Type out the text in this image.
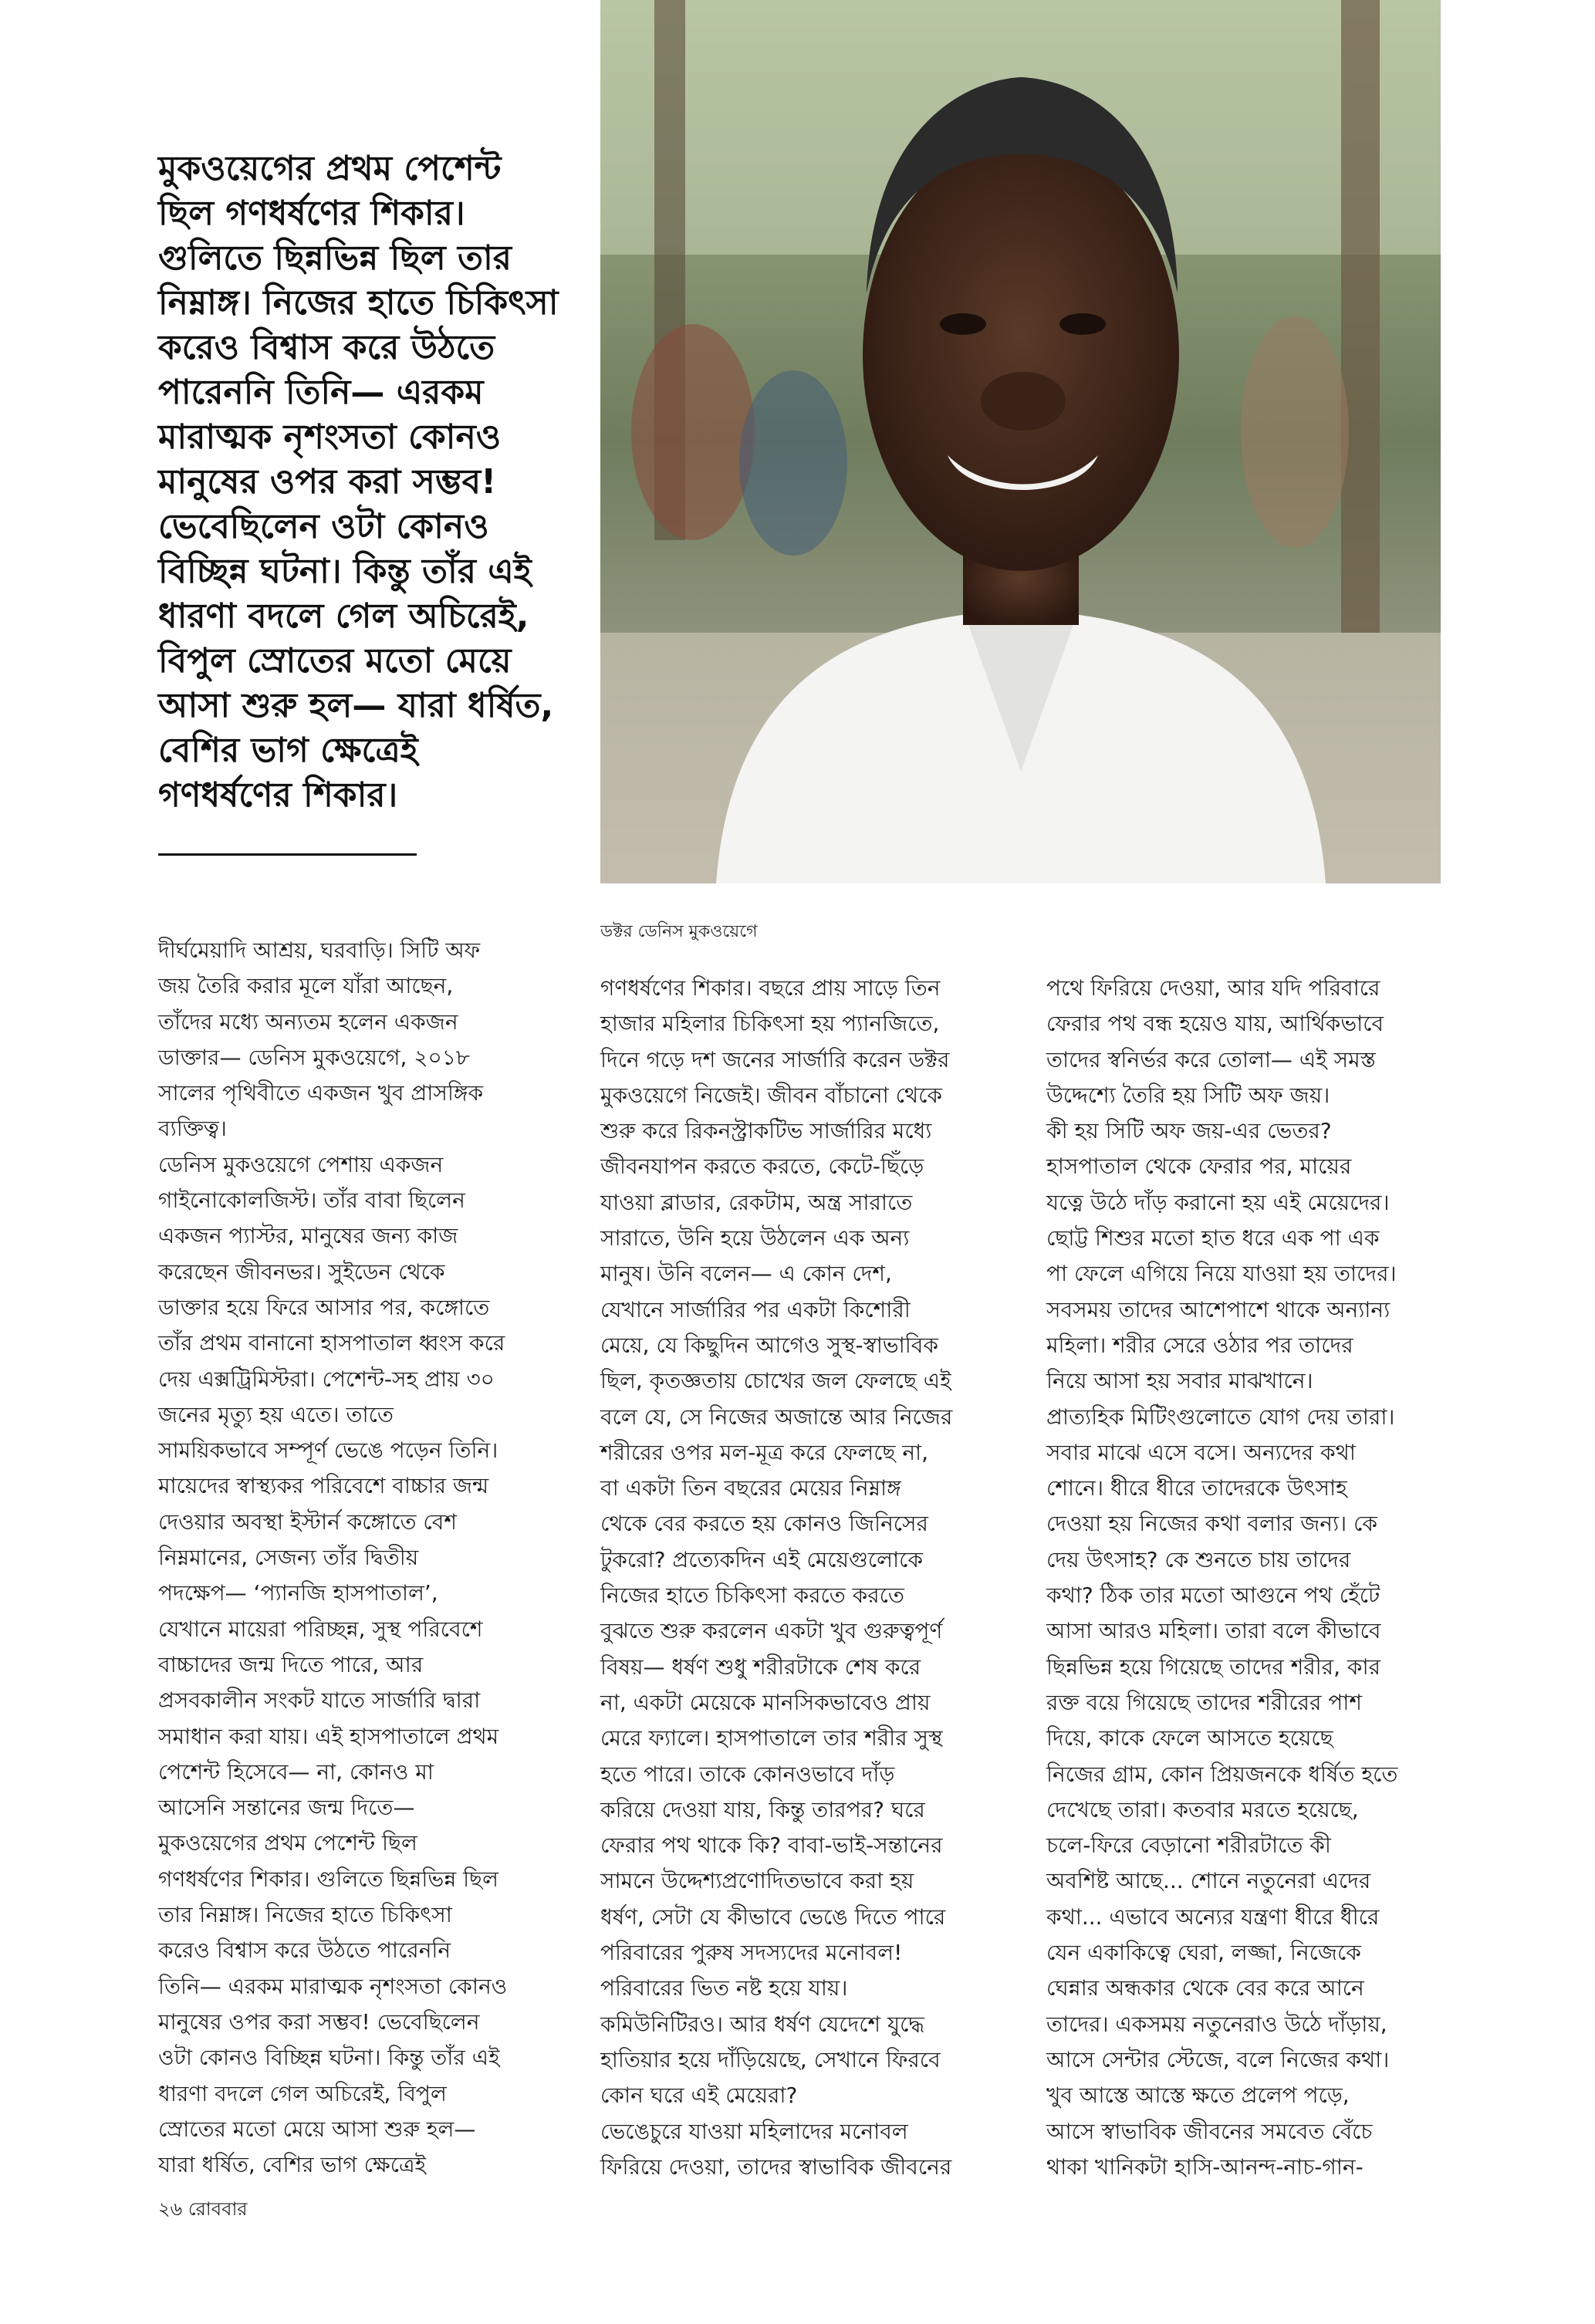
মুকওয়েগের প্রথম পেশেন্ট
ছিল গণধর্ষণের শিকার।
গুলিতে ছিন্নভিন্ন ছিল তার
নিম্নাঙ্গ। নিজের হাতে চিকিৎসা
করেও বিশ্বাস করে উঠতে
পারেননি তিনি— এরকম
মারাত্মক নৃশংসতা কোনও
মানুষের ওপর করা সম্ভব!
ভেবেছিলেন ওটা কোনও
বিচ্ছিন্ন ঘটনা। কিন্তু তাঁর এই
ধারণা বদলে গেল অচিরেই,
বিপুল স্রোতের মতো মেয়ে
আসা শুরু হল— যারা ধর্ষিত,
বেশির ভাগ ক্ষেত্রেই
গণধর্ষণের শিকার।
ডক্টর ডেনিস মুকওয়েগে
দীর্ঘমেয়াদি আশ্রয়, ঘরবাড়ি। সিটি অফ
জয় তৈরি করার মূলে যাঁরা আছেন,
তাঁদের মধ্যে অন্যতম হলেন একজন
ডাক্তার— ডেনিস মুকওয়েগে, ২০১৮
সালের পৃথিবীতে একজন খুব প্রাসঙ্গিক
ব্যক্তিত্ব।
ডেনিস মুকওয়েগে পেশায় একজন
গাইনোকোলজিস্ট। তাঁর বাবা ছিলেন
একজন প্যাস্টর, মানুষের জন্য কাজ
করেছেন জীবনভর। সুইডেন থেকে
ডাক্তার হয়ে ফিরে আসার পর, কঙ্গোতে
তাঁর প্রথম বানানো হাসপাতাল ধ্বংস করে
দেয় এক্সট্রিমিস্টরা। পেশেন্ট-সহ প্রায় ৩০
জনের মৃত্যু হয় এতে। তাতে
সাময়িকভাবে সম্পূর্ণ ভেঙে পড়েন তিনি।
মায়েদের স্বাস্থ্যকর পরিবেশে বাচ্চার জন্ম
দেওয়ার অবস্থা ইস্টার্ন কঙ্গোতে বেশ
নিম্নমানের, সেজন্য তাঁর দ্বিতীয়
পদক্ষেপ— ‘প্যানজি হাসপাতাল’,
যেখানে মায়েরা পরিচ্ছন্ন, সুস্থ পরিবেশে
বাচ্চাদের জন্ম দিতে পারে, আর
প্রসবকালীন সংকট যাতে সার্জারি দ্বারা
সমাধান করা যায়। এই হাসপাতালে প্রথম
পেশেন্ট হিসেবে— না, কোনও মা
আসেনি সন্তানের জন্ম দিতে—
মুকওয়েগের প্রথম পেশেন্ট ছিল
গণধর্ষণের শিকার। গুলিতে ছিন্নভিন্ন ছিল
তার নিম্নাঙ্গ। নিজের হাতে চিকিৎসা
করেও বিশ্বাস করে উঠতে পারেননি
তিনি— এরকম মারাত্মক নৃশংসতা কোনও
মানুষের ওপর করা সম্ভব! ভেবেছিলেন
ওটা কোনও বিচ্ছিন্ন ঘটনা। কিন্তু তাঁর এই
ধারণা বদলে গেল অচিরেই, বিপুল
স্রোতের মতো মেয়ে আসা শুরু হল—
যারা ধর্ষিত, বেশির ভাগ ক্ষেত্রেই
গণধর্ষণের শিকার। বছরে প্রায় সাড়ে তিন
হাজার মহিলার চিকিৎসা হয় প্যানজিতে,
দিনে গড়ে দশ জনের সার্জারি করেন ডক্টর
মুকওয়েগে নিজেই। জীবন বাঁচানো থেকে
শুরু করে রিকনস্ট্রাকটিভ সার্জারির মধ্যে
জীবনযাপন করতে করতে, কেটে-ছিঁড়ে
যাওয়া ব্লাডার, রেকটাম, অন্ত্র সারাতে
সারাতে, উনি হয়ে উঠলেন এক অন্য
মানুষ। উনি বলেন— এ কোন দেশ,
যেখানে সার্জারির পর একটা কিশোরী
মেয়ে, যে কিছুদিন আগেও সুস্থ-স্বাভাবিক
ছিল, কৃতজ্ঞতায় চোখের জল ফেলছে এই
বলে যে, সে নিজের অজান্তে আর নিজের
শরীরের ওপর মল-মূত্র করে ফেলছে না,
বা একটা তিন বছরের মেয়ের নিম্নাঙ্গ
থেকে বের করতে হয় কোনও জিনিসের
টুকরো? প্রত্যেকদিন এই মেয়েগুলোকে
নিজের হাতে চিকিৎসা করতে করতে
বুঝতে শুরু করলেন একটা খুব গুরুত্বপূর্ণ
বিষয়— ধর্ষণ শুধু শরীরটাকে শেষ করে
না, একটা মেয়েকে মানসিকভাবেও প্রায়
মেরে ফ্যালে। হাসপাতালে তার শরীর সুস্থ
হতে পারে। তাকে কোনওভাবে দাঁড়
করিয়ে দেওয়া যায়, কিন্তু তারপর? ঘরে
ফেরার পথ থাকে কি? বাবা-ভাই-সন্তানের
সামনে উদ্দেশ্যপ্রণোদিতভাবে করা হয়
ধর্ষণ, সেটা যে কীভাবে ভেঙে দিতে পারে
পরিবারের পুরুষ সদস্যদের মনোবল!
পরিবারের ভিত নষ্ট হয়ে যায়।
কমিউনিটিরও। আর ধর্ষণ যেদেশে যুদ্ধে
হাতিয়ার হয়ে দাঁড়িয়েছে, সেখানে ফিরবে
কোন ঘরে এই মেয়েরা?
ভেঙেচুরে যাওয়া মহিলাদের মনোবল
ফিরিয়ে দেওয়া, তাদের স্বাভাবিক জীবনের
পথে ফিরিয়ে দেওয়া, আর যদি পরিবারে
ফেরার পথ বন্ধ হয়েও যায়, আর্থিকভাবে
তাদের স্বনির্ভর করে তোলা— এই সমস্ত
উদ্দেশ্যে তৈরি হয় সিটি অফ জয়।
কী হয় সিটি অফ জয়-এর ভেতর?
হাসপাতাল থেকে ফেরার পর, মায়ের
যত্নে উঠে দাঁড় করানো হয় এই মেয়েদের।
ছোট্ট শিশুর মতো হাত ধরে এক পা এক
পা ফেলে এগিয়ে নিয়ে যাওয়া হয় তাদের।
সবসময় তাদের আশেপাশে থাকে অন্যান্য
মহিলা। শরীর সেরে ওঠার পর তাদের
নিয়ে আসা হয় সবার মাঝখানে।
প্রাত্যহিক মিটিংগুলোতে যোগ দেয় তারা।
সবার মাঝে এসে বসে। অন্যদের কথা
শোনে। ধীরে ধীরে তাদেরকে উৎসাহ
দেওয়া হয় নিজের কথা বলার জন্য। কে
দেয় উৎসাহ? কে শুনতে চায় তাদের
কথা? ঠিক তার মতো আগুনে পথ হেঁটে
আসা আরও মহিলা। তারা বলে কীভাবে
ছিন্নভিন্ন হয়ে গিয়েছে তাদের শরীর, কার
রক্ত বয়ে গিয়েছে তাদের শরীরের পাশ
দিয়ে, কাকে ফেলে আসতে হয়েছে
নিজের গ্রাম, কোন প্রিয়জনকে ধর্ষিত হতে
দেখেছে তারা। কতবার মরতে হয়েছে,
চলে-ফিরে বেড়ানো শরীরটাতে কী
অবশিষ্ট আছে... শোনে নতুনেরা এদের
কথা... এভাবে অন্যের যন্ত্রণা ধীরে ধীরে
যেন একাকিত্বে ঘেরা, লজ্জা, নিজেকে
ঘেন্নার অন্ধকার থেকে বের করে আনে
তাদের। একসময় নতুনেরাও উঠে দাঁড়ায়,
আসে সেন্টার স্টেজে, বলে নিজের কথা।
খুব আস্তে আস্তে ক্ষতে প্রলেপ পড়ে,
আসে স্বাভাবিক জীবনের সমবেত বেঁচে
থাকা খানিকটা হাসি-আনন্দ-নাচ-গান-
২৬ রোববার
